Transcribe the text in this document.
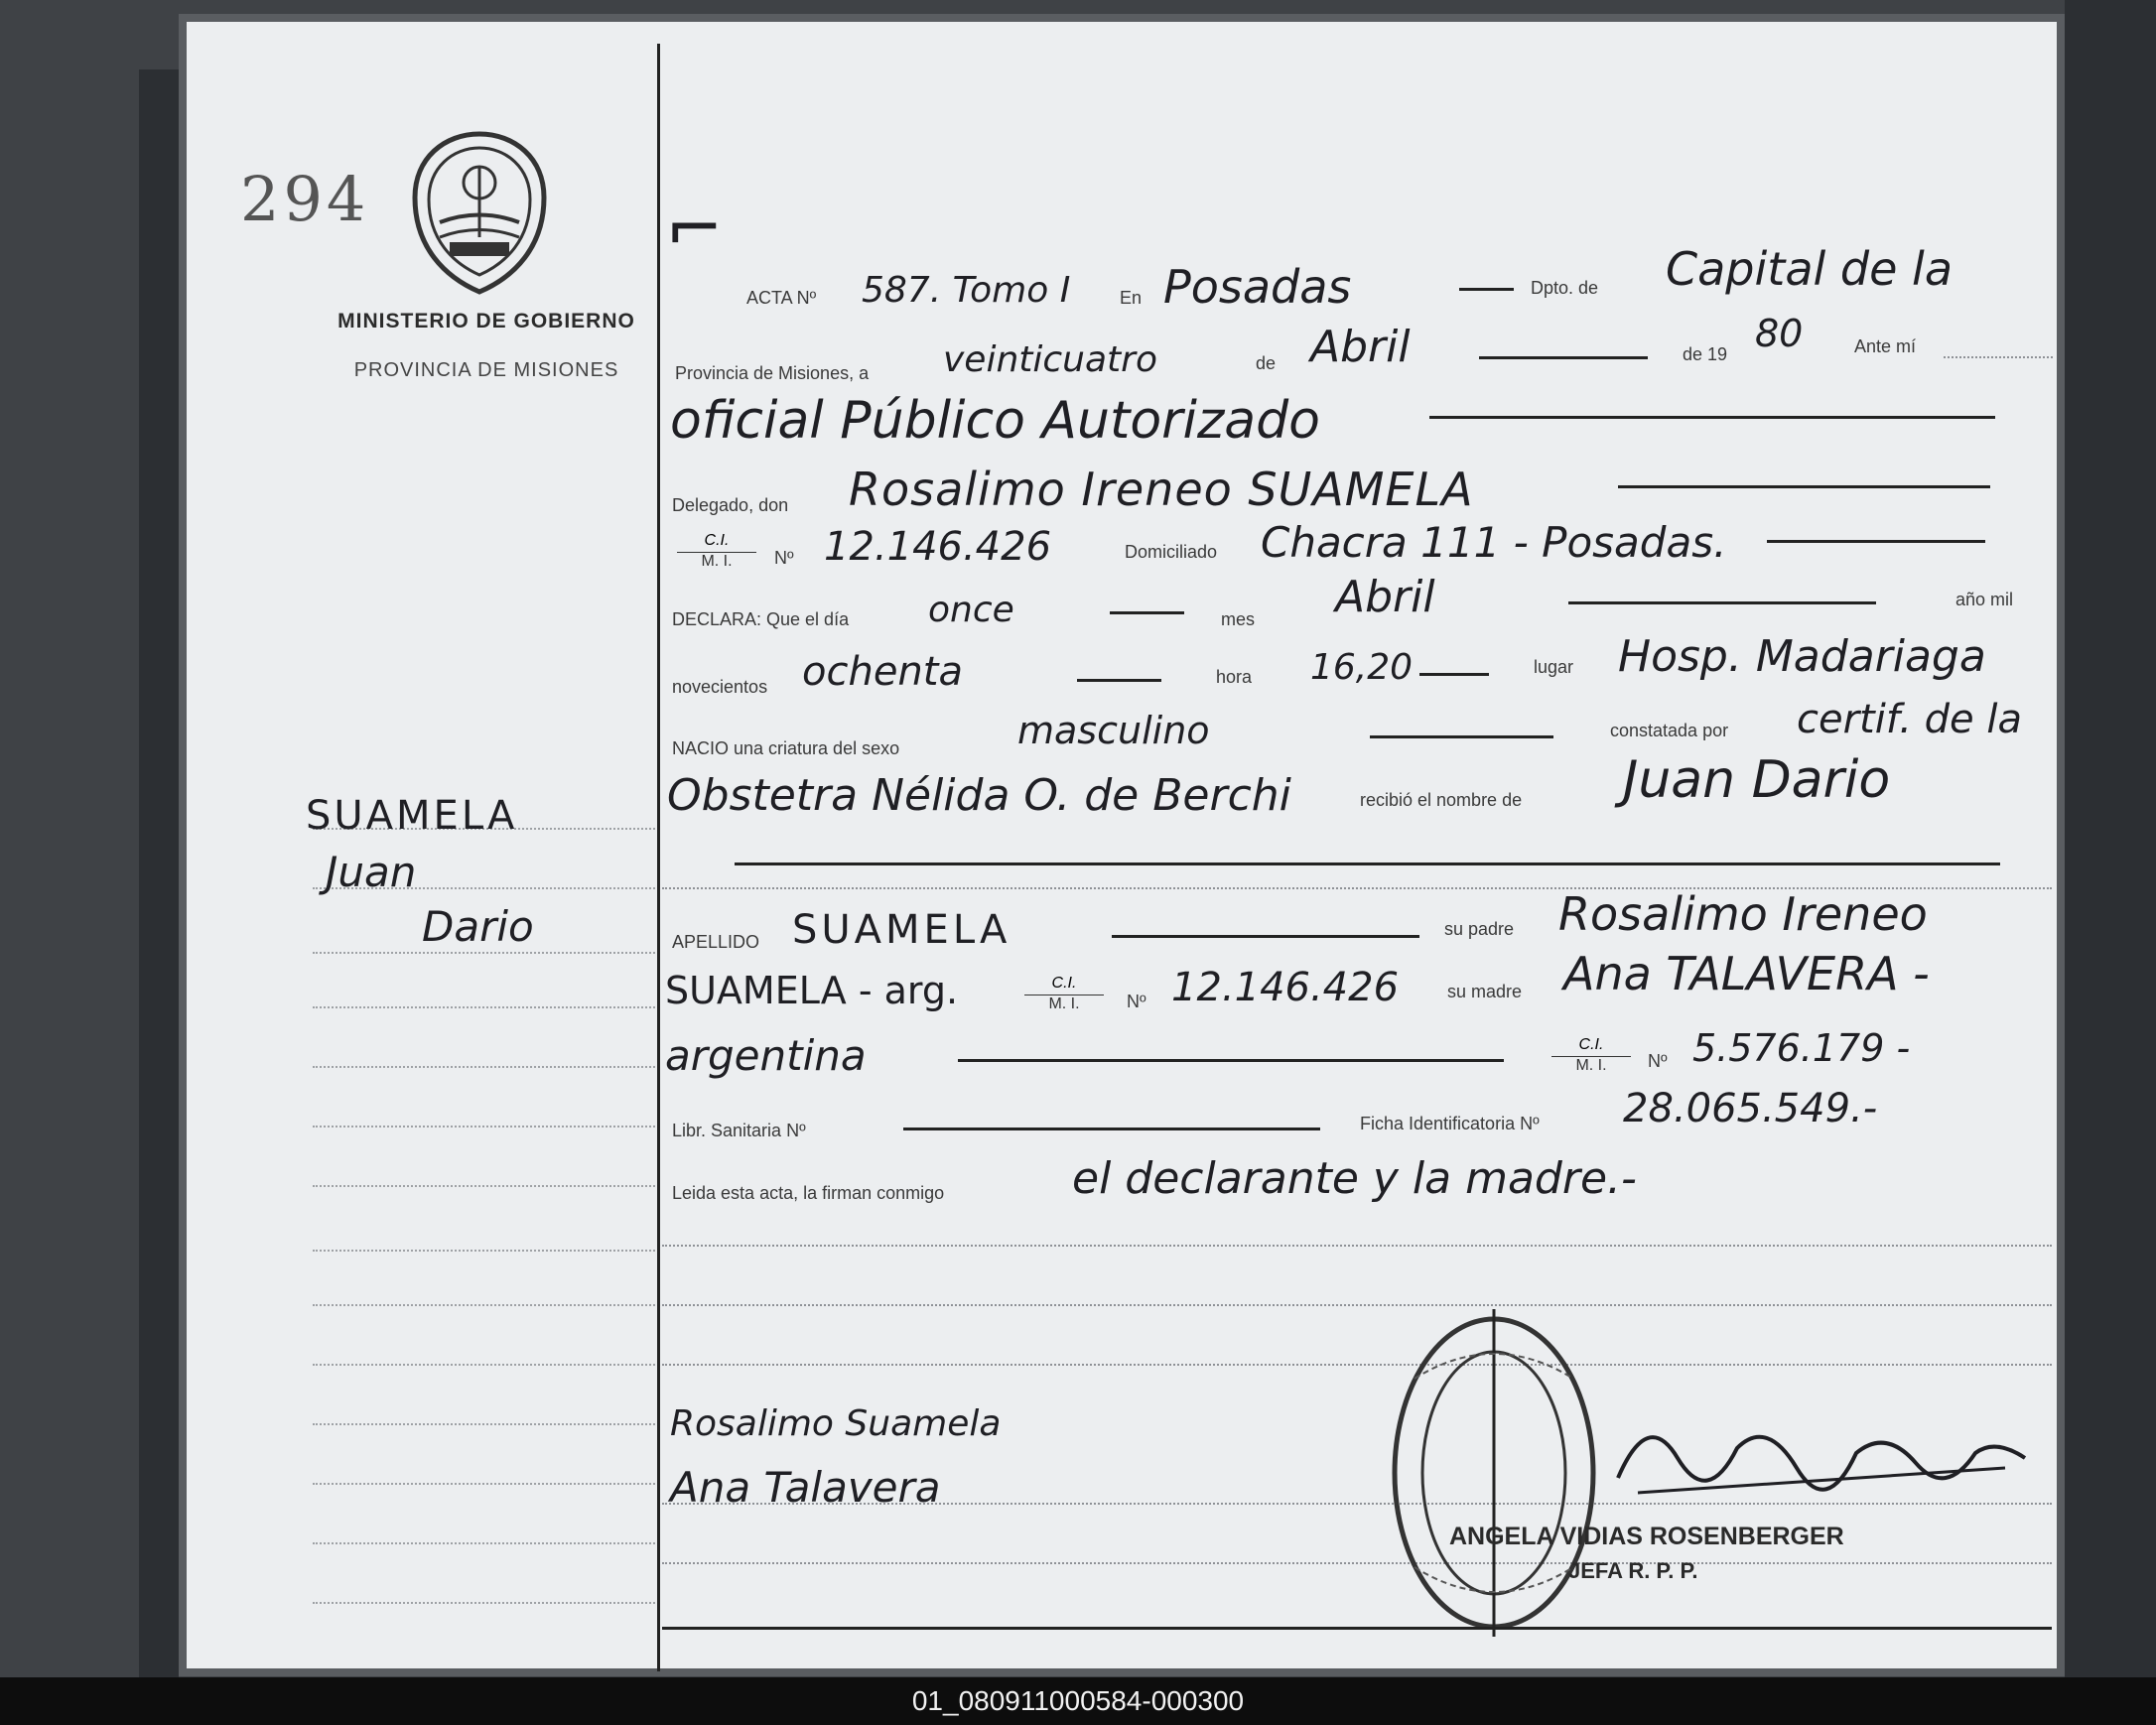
294
MINISTERIO DE GOBIERNO
PROVINCIA DE MISIONES
SUAMELA
Juan
Dario
⌐
ACTA Nº 587. Tomo I	En Posadas	Dpto. de Capital de la
Provincia de Misiones, a veinticuatro	de Abril	de 19 80	Ante mí
oficial Público Autorizado
Delegado, don Rosalimo Ireneo SUAMELA
$\frac{C.I.}{M. I.}$ Nº 12.146.426	Domiciliado Chacra 111 - Posadas.
DECLARA: Que el día once	mes Abril	año mil
novecientos ochenta	hora 16,20	lugar Hosp. Madariaga
NACIO una criatura del sexo	masculino	constatada por certif. de la
Obstetra Nélida O. de Berchi	recibió el nombre de Juan Dario
APELLIDO SUAMELA	su padre Rosalimo Ireneo
SUAMELA - arg.	$\frac{C.I.}{M. I.}$ Nº 12.146.426	su madre Ana TALAVERA -
argentina	$\frac{C.I.}{M. I.}$ Nº 5.576.179 -
Libr. Sanitaria Nº	Ficha Identificatoria Nº 28.065.549.-
Leida esta acta, la firman conmigo	el declarante y la madre.-
Rosalimo Suamela
Ana Talavera
ANGELA VIDIAS ROSENBERGER
JEFA R. P. P.
01_080911000584-000300
